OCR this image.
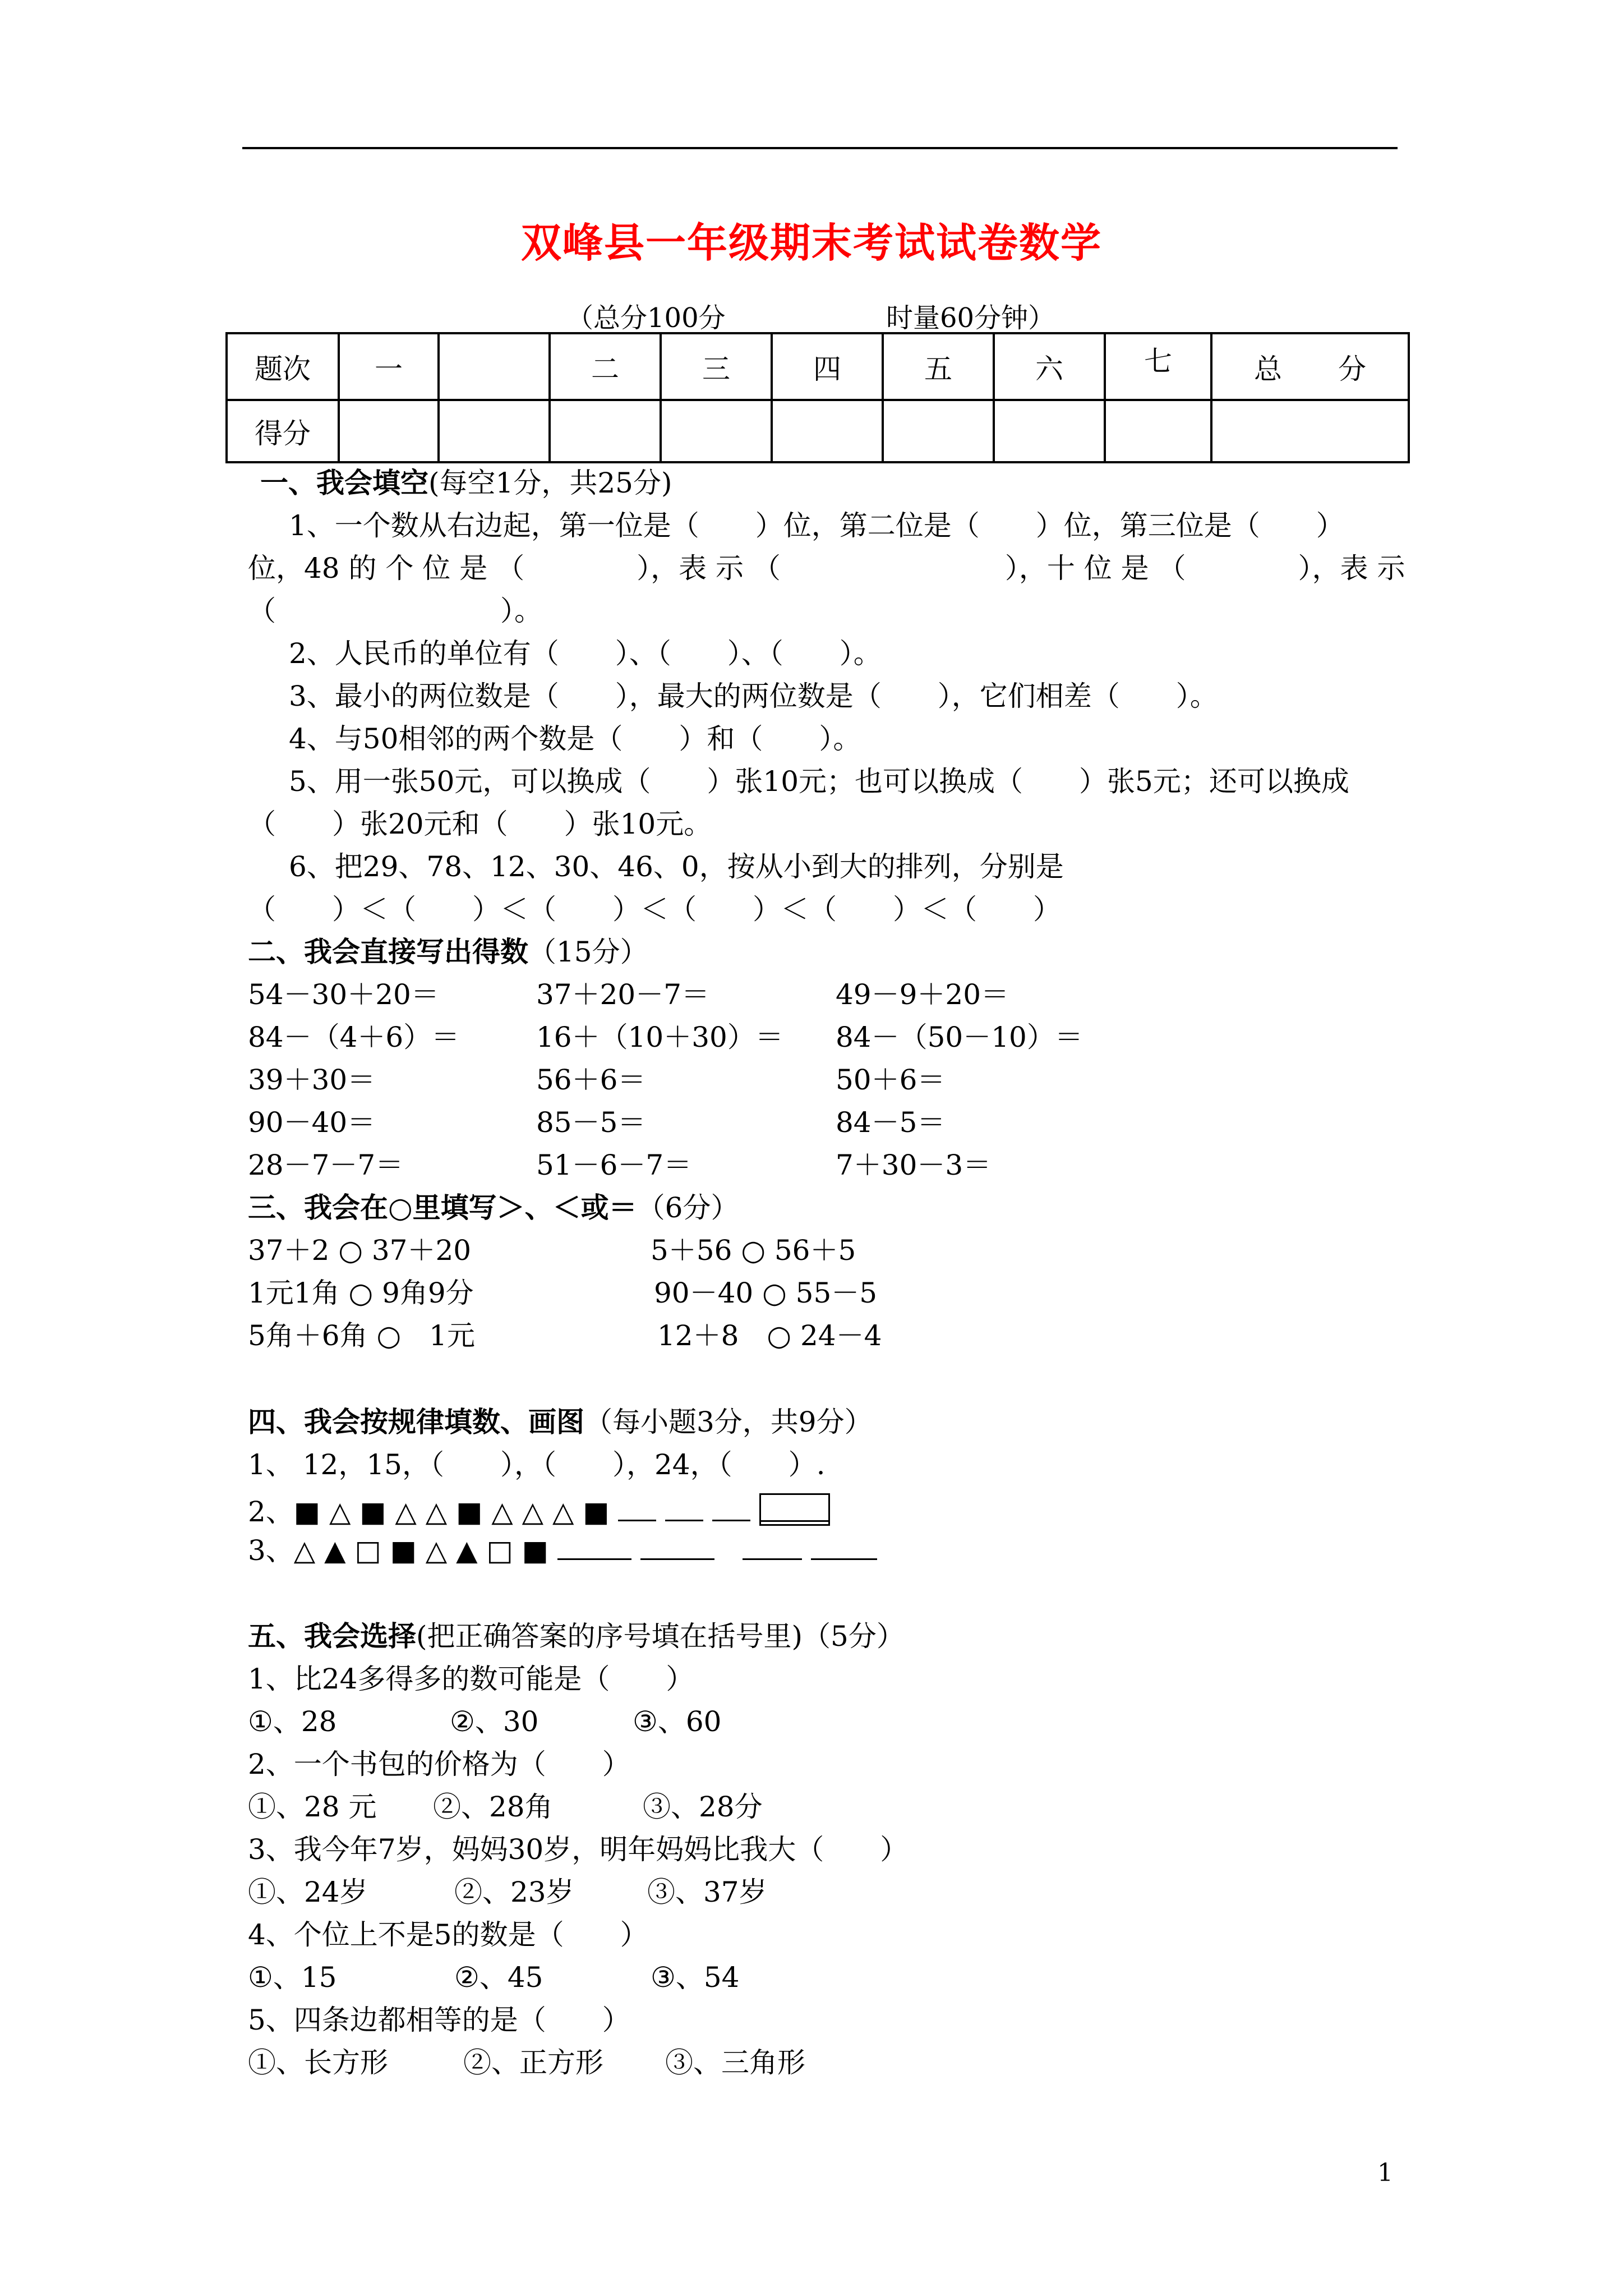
双峰县一年级期末考试试卷数学
（总分100分	时量60分钟）
题次	一		二	三	四	五	六	七	总　　分
得分									
一、我会填空(每空1分，共25分)
1、一个数从右边起，第一位是（　　）位，第二位是（　　）位，第三位是（　　）
位，48 的 个 位 是 （　　　　），表 示 （　　　　　　　　），十 位 是 （　　　　），表 示
（　　　　　　　　）。
2、人民币的单位有（　　）、（　　）、（　　）。
3、最小的两位数是（　　），最大的两位数是（　　），它们相差（　　）。
4、与50相邻的两个数是（　　）和（　　）。
5、用一张50元，可以换成（　　）张10元；也可以换成（　　）张5元；还可以换成
（　　）张20元和（　　）张10元。
6、把29、78、12、30、46、0，按从小到大的排列，分别是
（　　）＜（　　）＜（　　）＜（　　）＜（　　）＜（　　）
二、我会直接写出得数（15分）
54－30＋20＝	37＋20－7＝	49－9＋20＝
84－（4＋6）＝	16＋（10＋30）＝ 84－（50－10）＝
39＋30＝	56＋6＝	50＋6＝
90－40＝	85－5＝	84－5＝
28－7－7＝	51－6－7＝	7＋30－3＝
三、我会在○里填写＞、＜或＝（6分）
37＋2 ○ 37＋20	5＋56 ○ 56＋5
1元1角 ○ 9角9分	90－40 ○ 55－5
5角＋6角 ○　1元	12＋8　○ 24－4
四、我会按规律填数、画图（每小题3分，共9分）
1、 12，15，（　　），（　　），24，（　　）.
2、■ △ ■ △ △ ■ △ △ △ ■
3、△ ▲ □ ■ △ ▲ □ ■  　
五、我会选择(把正确答案的序号填在括号里)（5分）
1、比24多得多的数可能是（　　）
①、28	②、30	③、60
2、一个书包的价格为（　　）
①、28 元 ②、28角	③、28分
3、我今年7岁，妈妈30岁，明年妈妈比我大（　　）
①、24岁	②、23岁	③、37岁
4、个位上不是5的数是（　　）
①、15	②、45	③、54
5、四条边都相等的是（　　）
①、长方形	②、正方形 ③、三角形
1
